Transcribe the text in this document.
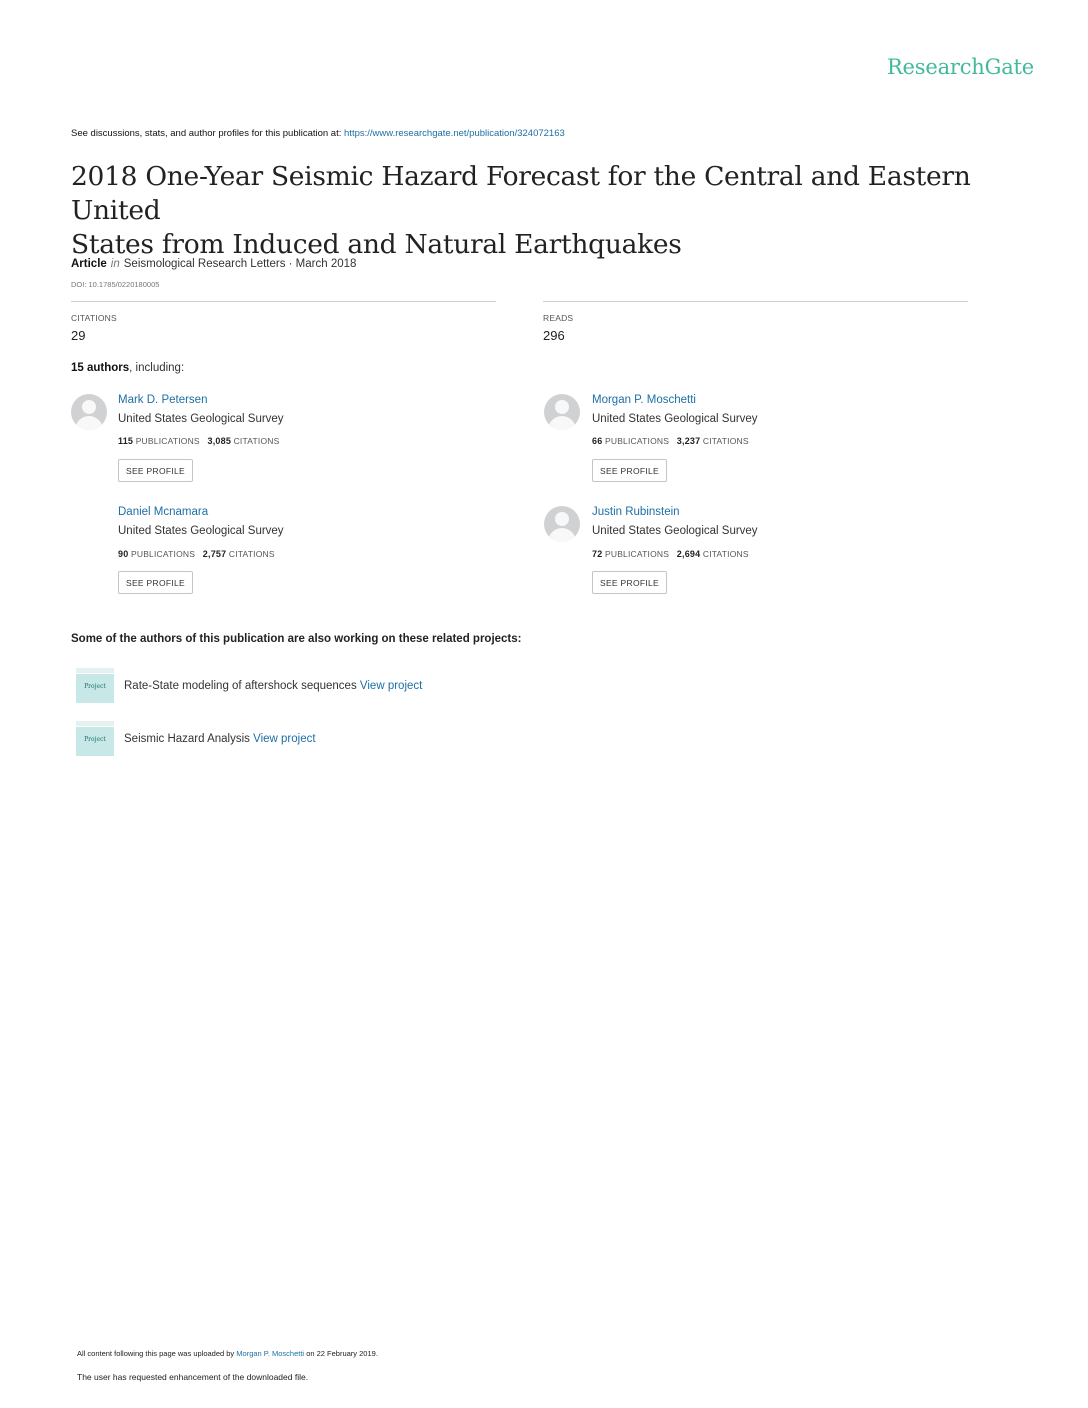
ResearchGate
See discussions, stats, and author profiles for this publication at: https://www.researchgate.net/publication/324072163
2018 One-Year Seismic Hazard Forecast for the Central and Eastern United
States from Induced and Natural Earthquakes
Article in Seismological Research Letters · March 2018
DOI: 10.1785/0220180005
CITATIONS
29
READS
296
15 authors, including:
Mark D. Petersen
United States Geological Survey
115 PUBLICATIONS 3,085 CITATIONS
SEE PROFILE
Morgan P. Moschetti
United States Geological Survey
66 PUBLICATIONS 3,237 CITATIONS
SEE PROFILE
Daniel Mcnamara
United States Geological Survey
90 PUBLICATIONS 2,757 CITATIONS
SEE PROFILE
Justin Rubinstein
United States Geological Survey
72 PUBLICATIONS 2,694 CITATIONS
SEE PROFILE
Some of the authors of this publication are also working on these related projects:
Project	Rate-State modeling of aftershock sequences View project
Project	Seismic Hazard Analysis View project
All content following this page was uploaded by Morgan P. Moschetti on 22 February 2019.
The user has requested enhancement of the downloaded file.
